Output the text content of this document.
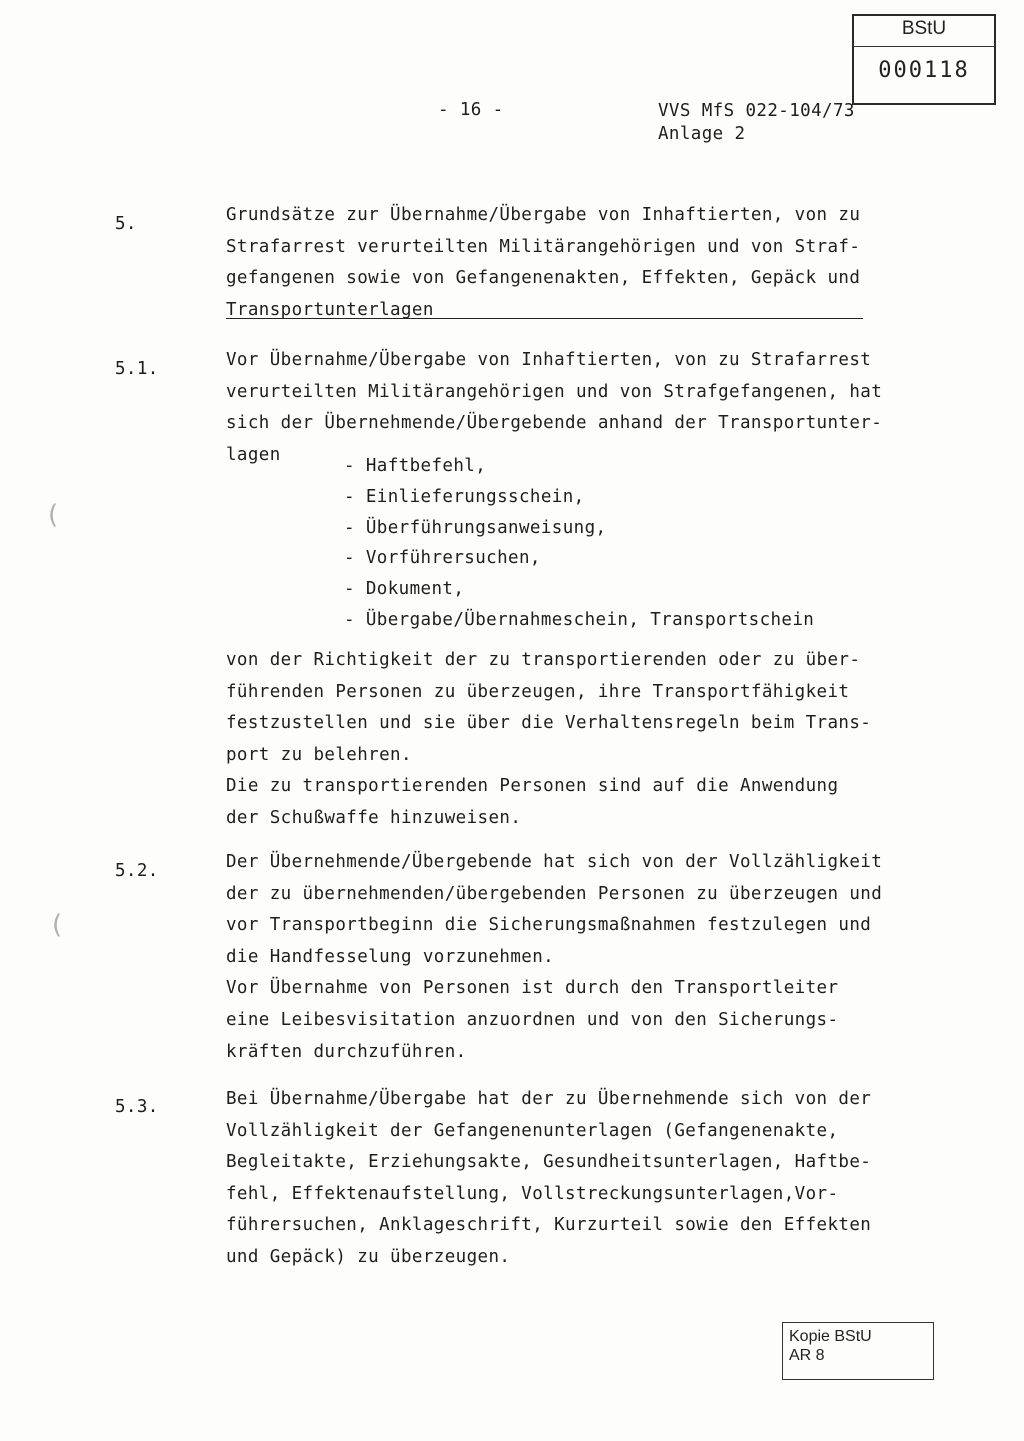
BStU
000118
- 16 -	VVS MfS 022-104/73
Anlage 2
5.	Grundsätze zur Übernahme/Übergabe von Inhaftierten, von zu
Strafarrest verurteilten Militärangehörigen und von Straf-
gefangenen sowie von Gefangenenakten, Effekten, Gepäck und
Transportunterlagen
5.1.	Vor Übernahme/Übergabe von Inhaftierten, von zu Strafarrest
verurteilten Militärangehörigen und von Strafgefangenen, hat
sich der Übernehmende/Übergebende anhand der Transportunter-
lagen
- Haftbefehl,
- Einlieferungsschein,
- Überführungsanweisung,
- Vorführersuchen,
- Dokument,
- Übergabe/Übernahmeschein, Transportschein
von der Richtigkeit der zu transportierenden oder zu über-
führenden Personen zu überzeugen, ihre Transportfähigkeit
festzustellen und sie über die Verhaltensregeln beim Trans-
port zu belehren.
Die zu transportierenden Personen sind auf die Anwendung
der Schußwaffe hinzuweisen.
5.2.	Der Übernehmende/Übergebende hat sich von der Vollzähligkeit
der zu übernehmenden/übergebenden Personen zu überzeugen und
vor Transportbeginn die Sicherungsmaßnahmen festzulegen und
die Handfesselung vorzunehmen.
Vor Übernahme von Personen ist durch den Transportleiter
eine Leibesvisitation anzuordnen und von den Sicherungs-
kräften durchzuführen.
5.3.	Bei Übernahme/Übergabe hat der zu Übernehmende sich von der
Vollzähligkeit der Gefangenenunterlagen (Gefangenenakte,
Begleitakte, Erziehungsakte, Gesundheitsunterlagen, Haftbe-
fehl, Effektenaufstellung, Vollstreckungsunterlagen,Vor-
führersuchen, Anklageschrift, Kurzurteil sowie den Effekten
und Gepäck) zu überzeugen.
(
(
Kopie BStU
AR 8
